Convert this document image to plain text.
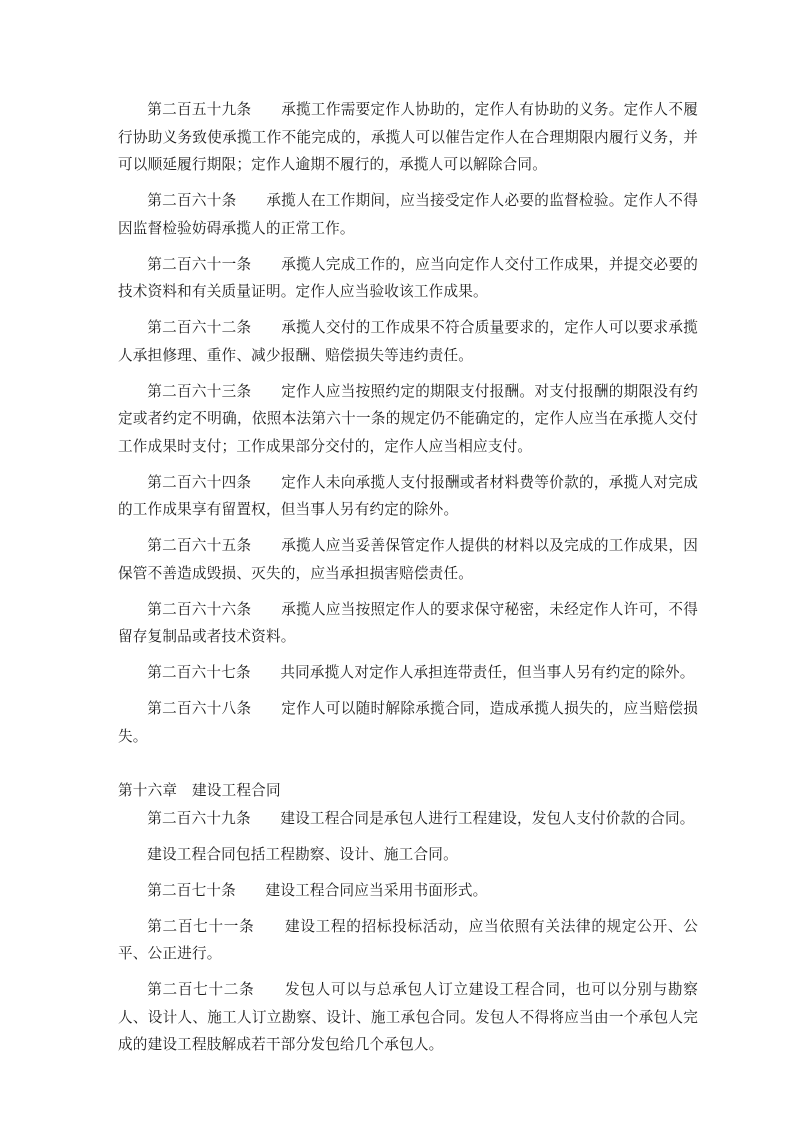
第二百五十九条　　 承揽工作需要定作人协助的，定作人有协助的义务。定作人不履行协助义务致使承揽工作不能完成的，承揽人可以催告定作人在合理期限内履行义务，并可以顺延履行期限；定作人逾期不履行的，承揽人可以解除合同。

第二百六十条　　 承揽人在工作期间，应当接受定作人必要的监督检验。定作人不得因监督检验妨碍承揽人的正常工作。

第二百六十一条　　 承揽人完成工作的，应当向定作人交付工作成果，并提交必要的技术资料和有关质量证明。定作人应当验收该工作成果。

第二百六十二条　　 承揽人交付的工作成果不符合质量要求的，定作人可以要求承揽人承担修理、重作、减少报酬、赔偿损失等违约责任。

第二百六十三条　　 定作人应当按照约定的期限支付报酬。对支付报酬的期限没有约定或者约定不明确，依照本法第六十一条的规定仍不能确定的，定作人应当在承揽人交付工作成果时支付；工作成果部分交付的，定作人应当相应支付。

第二百六十四条　　 定作人未向承揽人支付报酬或者材料费等价款的，承揽人对完成的工作成果享有留置权，但当事人另有约定的除外。

第二百六十五条　　 承揽人应当妥善保管定作人提供的材料以及完成的工作成果，因保管不善造成毁损、灭失的，应当承担损害赔偿责任。

第二百六十六条　　 承揽人应当按照定作人的要求保守秘密，未经定作人许可，不得留存复制品或者技术资料。

第二百六十七条　　 共同承揽人对定作人承担连带责任，但当事人另有约定的除外。

第二百六十八条　　 定作人可以随时解除承揽合同，造成承揽人损失的，应当赔偿损失。

第十六章　 建设工程合同

第二百六十九条　　 建设工程合同是承包人进行工程建设，发包人支付价款的合同。

建设工程合同包括工程勘察、设计、施工合同。

第二百七十条　　 建设工程合同应当采用书面形式。

第二百七十一条　　 建设工程的招标投标活动，应当依照有关法律的规定公开、公平、公正进行。

第二百七十二条　　 发包人可以与总承包人订立建设工程合同，也可以分别与勘察人、设计人、施工人订立勘察、设计、施工承包合同。发包人不得将应当由一个承包人完成的建设工程肢解成若干部分发包给几个承包人。
